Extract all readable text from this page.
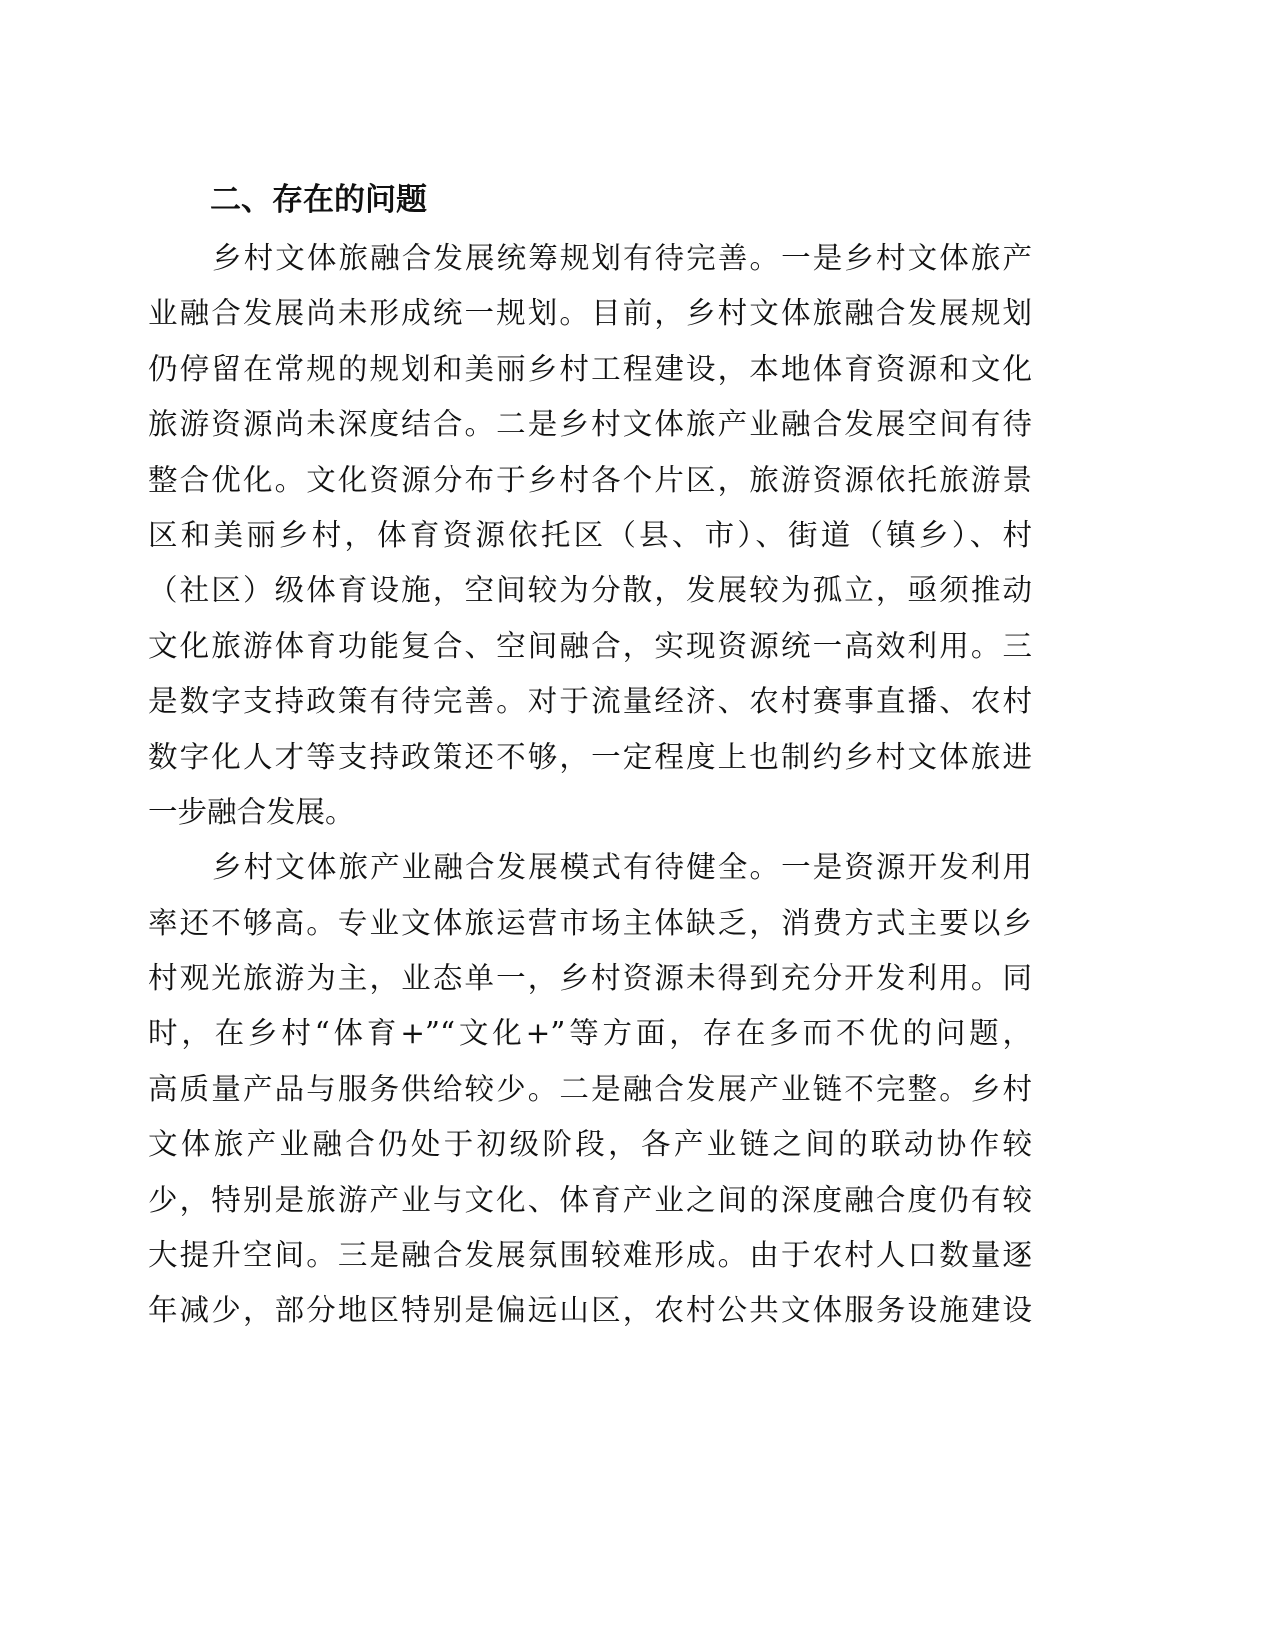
二、存在的问题
乡村文体旅融合发展统筹规划有待完善。一是乡村文体旅产
业融合发展尚未形成统一规划。目前，乡村文体旅融合发展规划
仍停留在常规的规划和美丽乡村工程建设，本地体育资源和文化
旅游资源尚未深度结合。二是乡村文体旅产业融合发展空间有待
整合优化。文化资源分布于乡村各个片区，旅游资源依托旅游景
区和美丽乡村，体育资源依托区（县、市）、街道（镇乡）、村
（社区）级体育设施，空间较为分散，发展较为孤立，亟须推动
文化旅游体育功能复合、空间融合，实现资源统一高效利用。三
是数字支持政策有待完善。对于流量经济、农村赛事直播、农村
数字化人才等支持政策还不够，一定程度上也制约乡村文体旅进
一步融合发展。
乡村文体旅产业融合发展模式有待健全。一是资源开发利用
率还不够高。专业文体旅运营市场主体缺乏，消费方式主要以乡
村观光旅游为主，业态单一，乡村资源未得到充分开发利用。同
时，在乡村“体育+”“文化+”等方面，存在多而不优的问题，
高质量产品与服务供给较少。二是融合发展产业链不完整。乡村
文体旅产业融合仍处于初级阶段，各产业链之间的联动协作较
少，特别是旅游产业与文化、体育产业之间的深度融合度仍有较
大提升空间。三是融合发展氛围较难形成。由于农村人口数量逐
年减少，部分地区特别是偏远山区，农村公共文体服务设施建设
